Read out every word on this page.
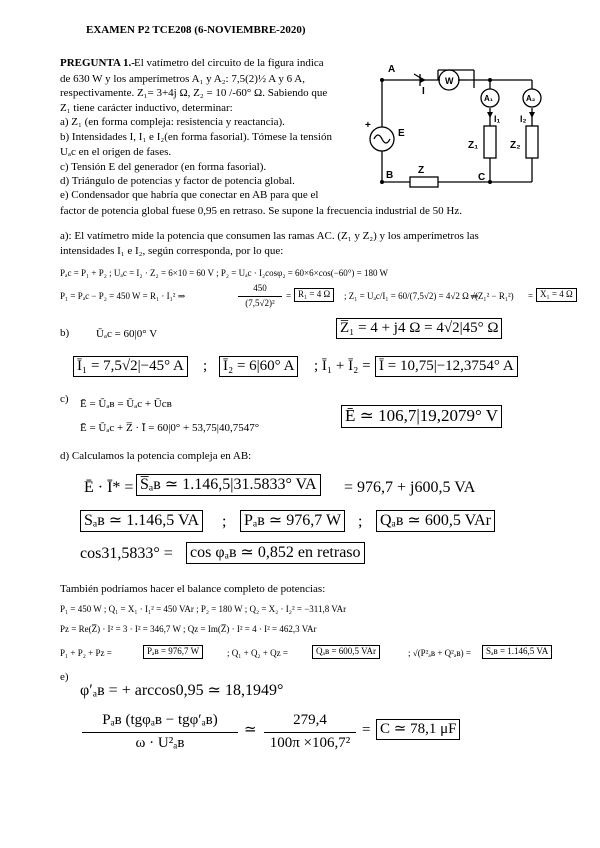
EXAMEN P2 TCE208 (6-NOVIEMBRE-2020)
PREGUNTA 1.- El vatímetro del circuito de la figura indica
de 630 W y los amperímetros A₁ y A₂: 7,5(2)½ A y 6 A,
respectivamente. Z₁= 3+4j Ω, Z₂ = 10 /-60° Ω. Sabiendo que
Z₁ tiene carácter inductivo, determinar:
a) Z₁ (en forma compleja: resistencia y reactancia).
b) Intensidades I, I₁ e I₂(en forma fasorial). Tómese la tensión
Uₐc en el origen de fases.
c) Tensión E del generador (en forma fasorial).
d) Triángulo de potencias y factor de potencia global.
e) Condensador que habría que conectar en AB para que el
factor de potencia global fuese 0,95 en retraso. Se supone la frecuencia industrial de 50 Hz.
A
I
W
A₁	A₂
I₁ I₂
Z₁	Z₂
Z
E
+
B	C
a): El vatímetro mide la potencia que consumen las ramas AC. (Z₁ y Z₂) y los amperímetros las
intensidades I₁ e I₂, según corresponda, por lo que:
Pₐc = P₁ + P₂ ; Uₐc = I₂ · Z₂ = 6×10 = 60 V ; P₂ = Uₐc · I₂cosφ₂ = 60×6×cos(−60°) = 180 W
P₁ = Pₐc − P₂ = 450 W = R₁ · I₁² ⇒
450
(7,5√2)²
= R₁ = 4 Ω	; Z₁ = Uₐc/I₁ = 60/(7,5√2) = 4√2 Ω ⇒
√(Z₁² − R₁²) = X₁ = 4 Ω
b) Ūₐc = 60|0° V	Z̅₁ = 4 + j4 Ω = 4√2|45° Ω
Ī₁ = 7,5√2|−45° A ; Ī₂ = 6|60° A ; Ī₁ + Ī₂ = Ī = 10,75|−12,3754° A
c) Ē = Ūₐʙ = Ūₐc + Ūcʙ
Ē = Ūₐc + Z̅ · Ī = 60|0° + 53,75|40,7547°
Ē ≃ 106,7|19,2079° V
d) Calculamos la potencia compleja en AB:
Ē · Ī* = S̅ₐʙ ≃ 1.146,5|31.5833° VA = 976,7 + j600,5 VA
Sₐʙ ≃ 1.146,5 VA ; Pₐʙ ≃ 976,7 W ; Qₐʙ ≃ 600,5 VAr
cos31,5833° = cos φₐʙ ≃ 0,852 en retraso
También podríamos hacer el balance completo de potencias:
P₁ = 450 W ; Q₁ = X₁ · I₁² = 450 VAr ; P₂ = 180 W ; Q₂ = X₂ · I₂² = −311,8 VAr
Pᴢ = Re(Z̅) · I² = 3 · I² = 346,7 W ; Qᴢ = Im(Z̅) · I² = 4 · I² = 462,3 VAr
P₁ + P₂ + Pᴢ =	Pₐʙ = 976,7 W	; Q₁ + Q₂ + Qᴢ =	Qₐʙ = 600,5 VAr	; √(P²ₐʙ + Q²ₐʙ) =	Sₐʙ = 1.146,5 VA
e)
φ′ₐʙ = + arccos0,95 ≃ 18,1949°
Pₐʙ (tgφₐʙ − tgφ′ₐʙ)
ω · U²ₐʙ
≃
279,4
100π ×106,7²
= C ≃ 78,1 μF
